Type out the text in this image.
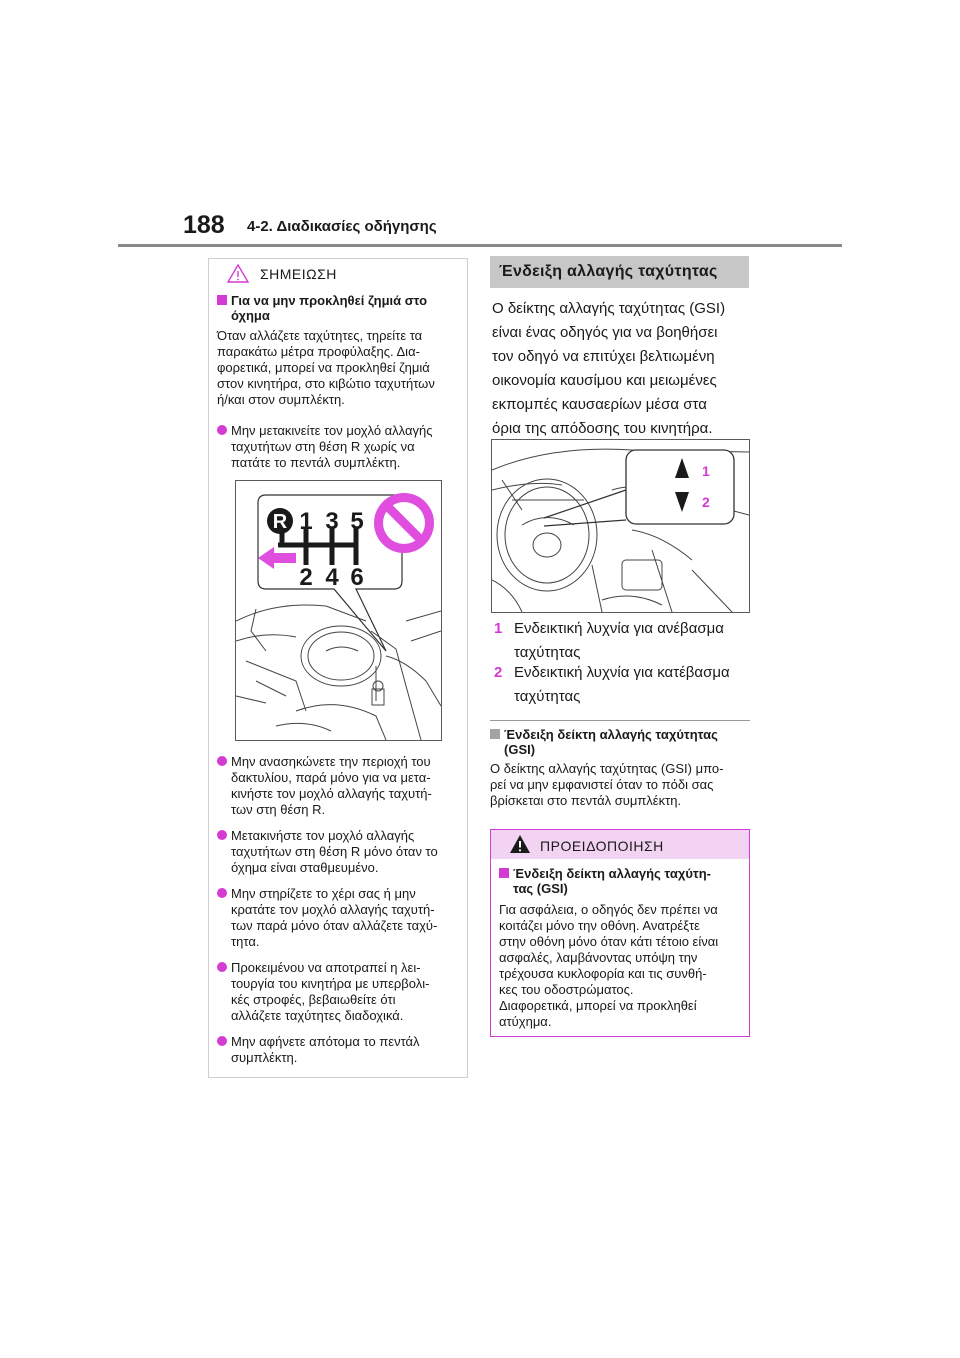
188 4-2. Διαδικασίες οδήγησης
ΣΗΜΕΙΩΣΗ
Για να μην προκληθεί ζημιά στο
όχημα
Όταν αλλάζετε ταχύτητες, τηρείτε τα
παρακάτω μέτρα προφύλαξης. Δια-
φορετικά, μπορεί να προκληθεί ζημιά
στον κινητήρα, στο κιβώτιο ταχυτήτων
ή/και στον συμπλέκτη.
Μην μετακινείτε τον μοχλό αλλαγής
ταχυτήτων στη θέση R χωρίς να
πατάτε το πεντάλ συμπλέκτη.
Μην ανασηκώνετε την περιοχή του
δακτυλίου, παρά μόνο για να μετα-
κινήστε τον μοχλό αλλαγής ταχυτή-
των στη θέση R.
Μετακινήστε τον μοχλό αλλαγής
ταχυτήτων στη θέση R μόνο όταν το
όχημα είναι σταθμευμένο.
Μην στηρίζετε το χέρι σας ή μην
κρατάτε τον μοχλό αλλαγής ταχυτή-
των παρά μόνο όταν αλλάζετε ταχύ-
τητα.
Προκειμένου να αποτραπεί η λει-
τουργία του κινητήρα με υπερβολι-
κές στροφές, βεβαιωθείτε ότι
αλλάζετε ταχύτητες διαδοχικά.
Μην αφήνετε απότομα το πεντάλ
συμπλέκτη.
R 1 3 5
2 4 6
Ένδειξη αλλαγής ταχύτητας
Ο δείκτης αλλαγής ταχύτητας (GSI)
είναι ένας οδηγός για να βοηθήσει
τον οδηγό να επιτύχει βελτιωμένη
οικονομία καυσίμου και μειωμένες
εκπομπές καυσαερίων μέσα στα
όρια της απόδοσης του κινητήρα.
1
2
1 Ενδεικτική λυχνία για ανέβασμα
ταχύτητας
2 Ενδεικτική λυχνία για κατέβασμα
ταχύτητας
Ένδειξη δείκτη αλλαγής ταχύτητας
(GSI)
Ο δείκτης αλλαγής ταχύτητας (GSI) μπο-
ρεί να μην εμφανιστεί όταν το πόδι σας
βρίσκεται στο πεντάλ συμπλέκτη.
ΠΡΟΕΙΔΟΠΟΙΗΣΗ
Ένδειξη δείκτη αλλαγής ταχύτη-
τας (GSI)
Για ασφάλεια, ο οδηγός δεν πρέπει να
κοιτάζει μόνο την οθόνη. Ανατρέξτε
στην οθόνη μόνο όταν κάτι τέτοιο είναι
ασφαλές, λαμβάνοντας υπόψη την
τρέχουσα κυκλοφορία και τις συνθή-
κες του οδοστρώματος.
Διαφορετικά, μπορεί να προκληθεί
ατύχημα.
